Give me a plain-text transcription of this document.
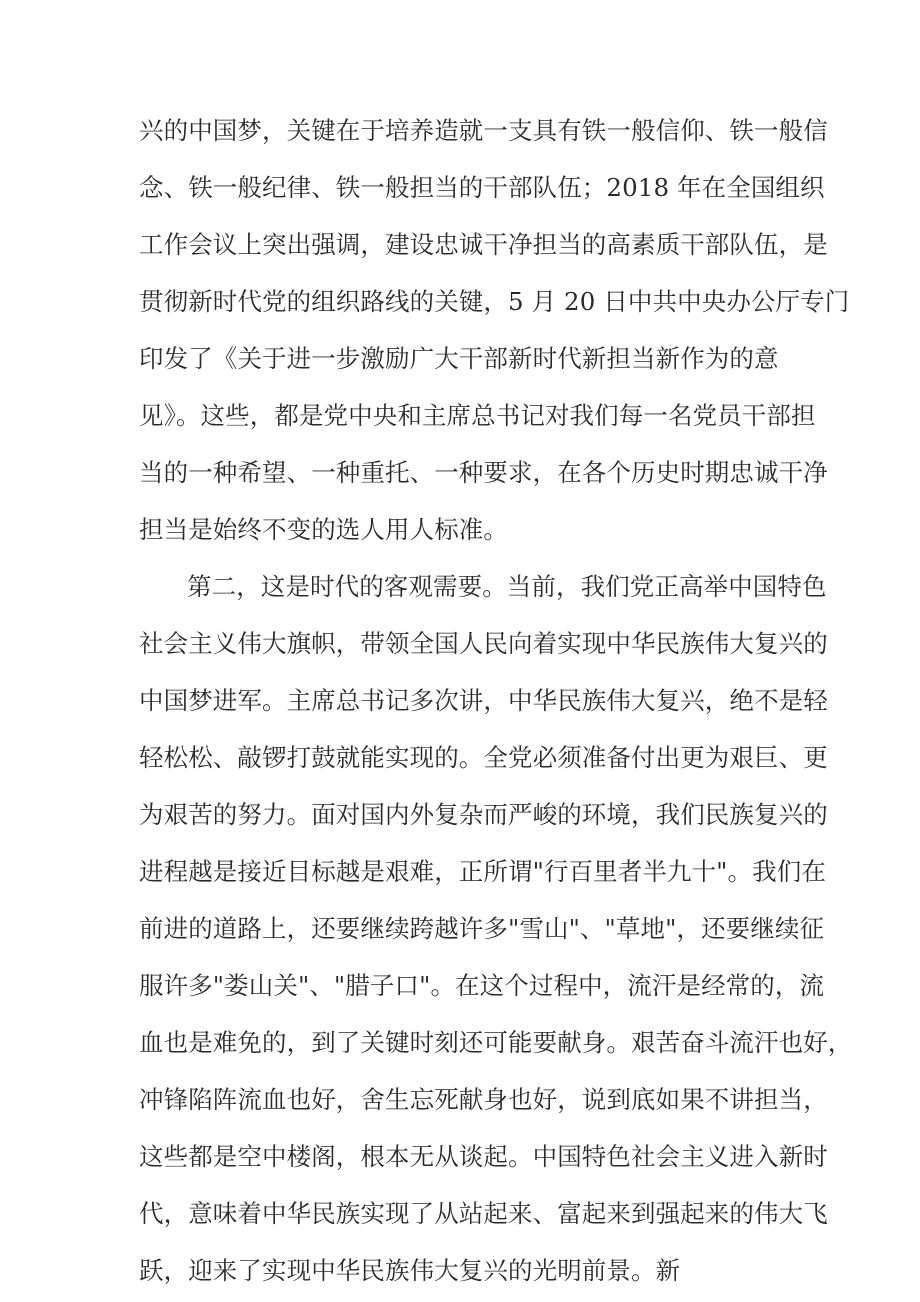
兴的中国梦，关键在于培养造就一支具有铁一般信仰、铁一般信
念、铁一般纪律、铁一般担当的干部队伍；2018 年在全国组织
工作会议上突出强调，建设忠诚干净担当的高素质干部队伍，是
贯彻新时代党的组织路线的关键，5 月 20 日中共中央办公厅专门
印发了《关于进一步激励广大干部新时代新担当新作为的意
见》。这些，都是党中央和主席总书记对我们每一名党员干部担
当的一种希望、一种重托、一种要求，在各个历史时期忠诚干净
担当是始终不变的选人用人标准。
第二，这是时代的客观需要。当前，我们党正高举中国特色
社会主义伟大旗帜，带领全国人民向着实现中华民族伟大复兴的
中国梦进军。主席总书记多次讲，中华民族伟大复兴，绝不是轻
轻松松、敲锣打鼓就能实现的。全党必须准备付出更为艰巨、更
为艰苦的努力。面对国内外复杂而严峻的环境，我们民族复兴的
进程越是接近目标越是艰难，正所谓"行百里者半九十"。我们在
前进的道路上，还要继续跨越许多"雪山"、"草地"，还要继续征
服许多"娄山关"、"腊子口"。在这个过程中，流汗是经常的，流
血也是难免的，到了关键时刻还可能要献身。艰苦奋斗流汗也好，
冲锋陷阵流血也好，舍生忘死献身也好，说到底如果不讲担当，
这些都是空中楼阁，根本无从谈起。中国特色社会主义进入新时
代，意味着中华民族实现了从站起来、富起来到强起来的伟大飞
跃，迎来了实现中华民族伟大复兴的光明前景。新
